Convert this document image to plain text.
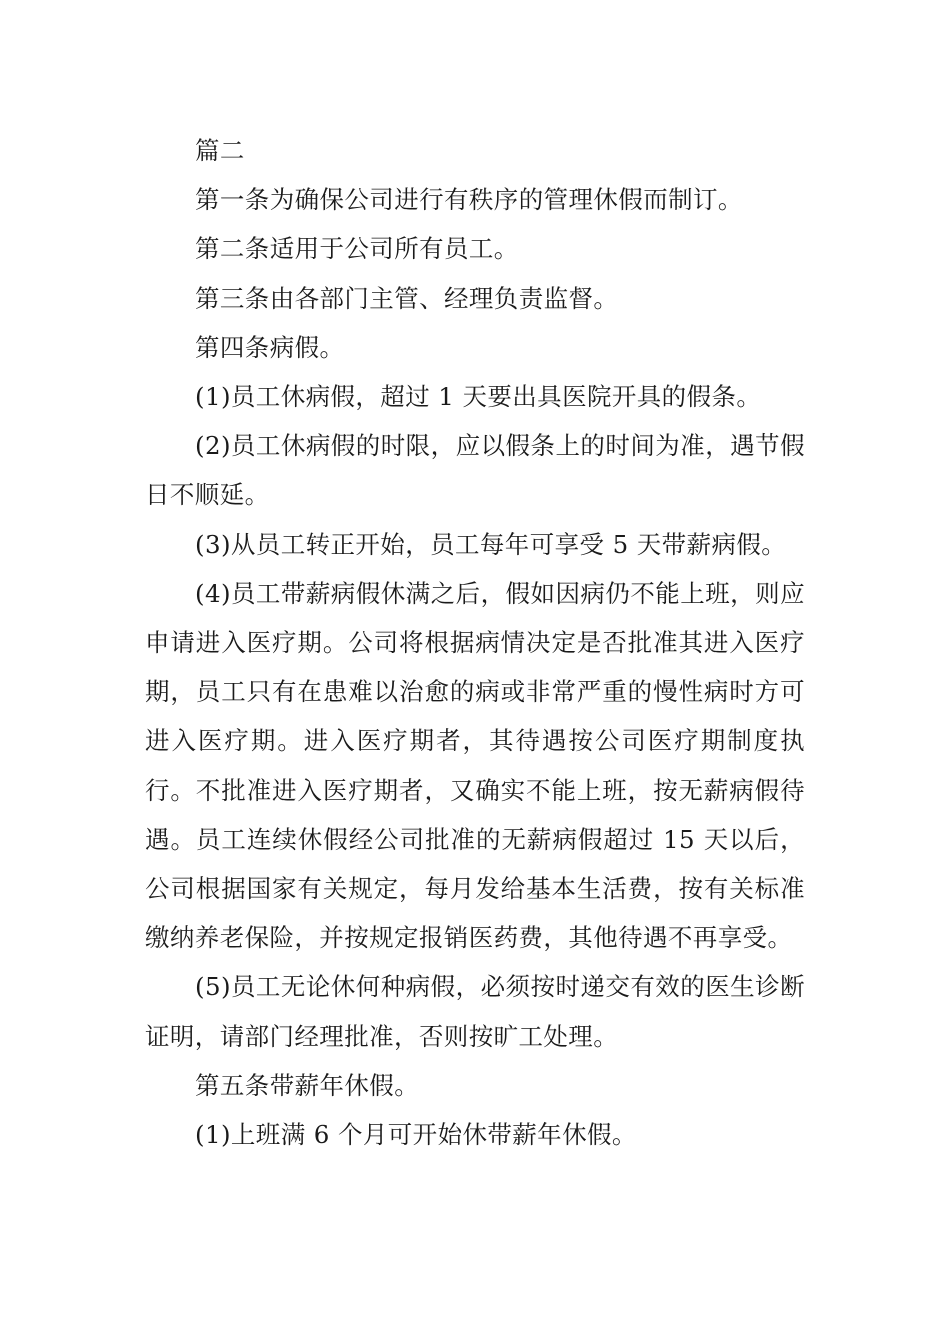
篇二

第一条为确保公司进行有秩序的管理休假而制订。

第二条适用于公司所有员工。

第三条由各部门主管、经理负责监督。

第四条病假。

(1)员工休病假，超过 1 天要出具医院开具的假条。

(2)员工休病假的时限，应以假条上的时间为准，遇节假日不顺延。

(3)从员工转正开始，员工每年可享受 5 天带薪病假。

(4)员工带薪病假休满之后，假如因病仍不能上班，则应申请进入医疗期。公司将根据病情决定是否批准其进入医疗期，员工只有在患难以治愈的病或非常严重的慢性病时方可进入医疗期。进入医疗期者，其待遇按公司医疗期制度执行。不批准进入医疗期者，又确实不能上班，按无薪病假待遇。员工连续休假经公司批准的无薪病假超过 15 天以后，公司根据国家有关规定，每月发给基本生活费，按有关标准缴纳养老保险，并按规定报销医药费，其他待遇不再享受。

(5)员工无论休何种病假，必须按时递交有效的医生诊断证明，请部门经理批准，否则按旷工处理。

第五条带薪年休假。

(1)上班满 6 个月可开始休带薪年休假。
